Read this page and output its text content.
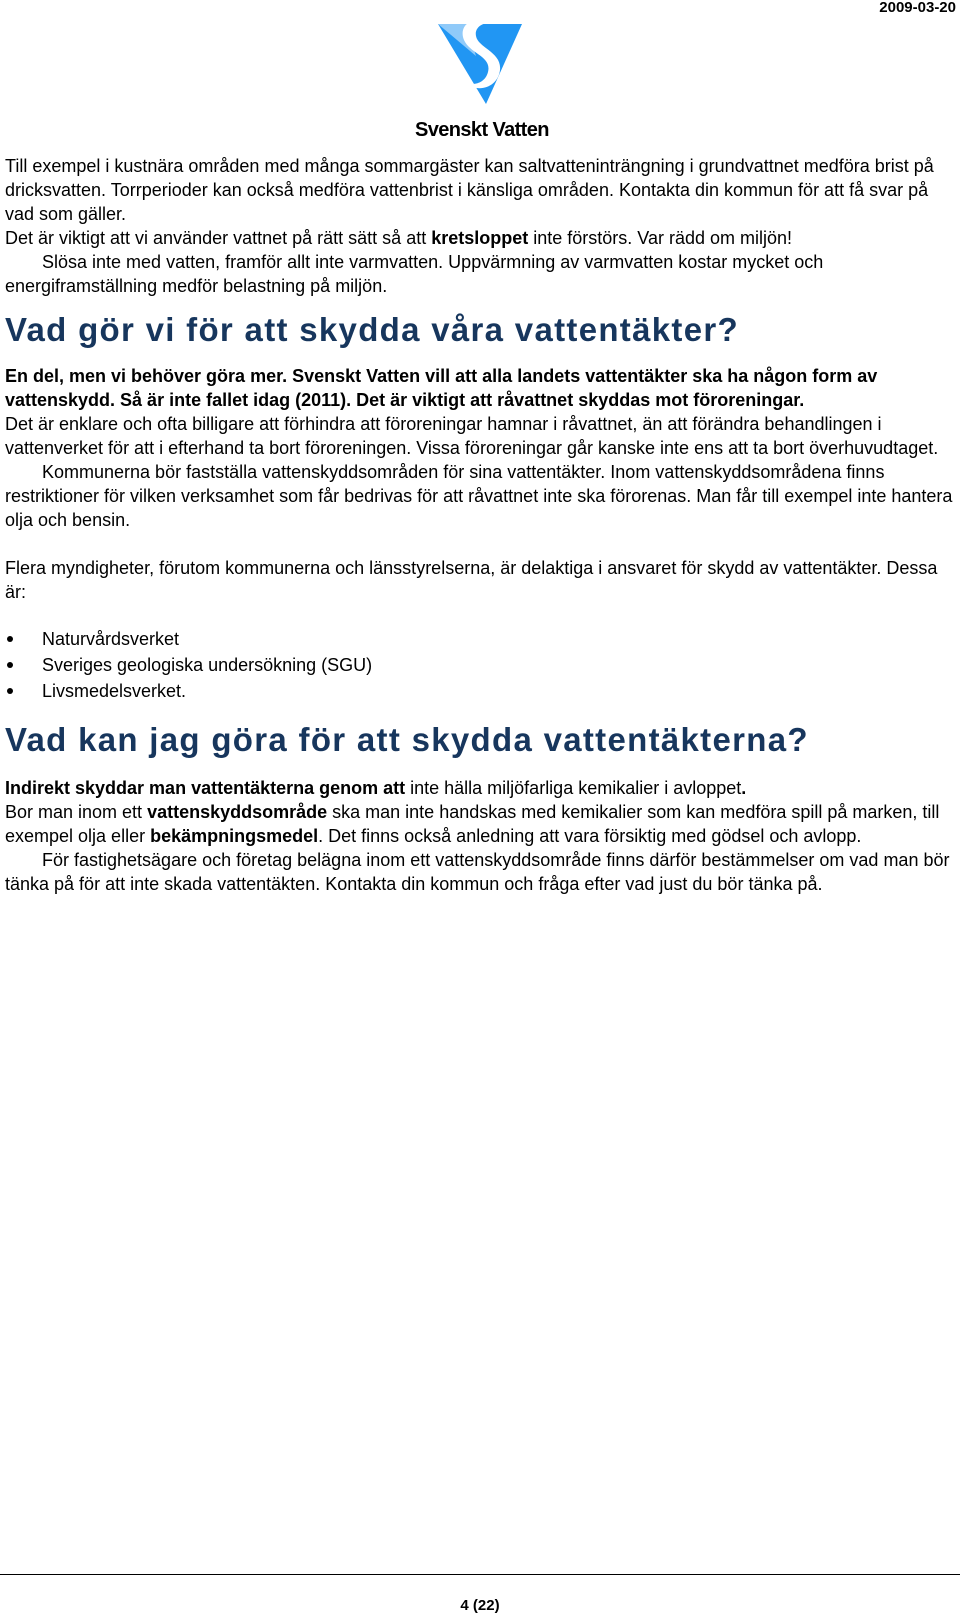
2009-03-20
Svenskt Vatten

Till exempel i kustnära områden med många sommargäster kan saltvatteninträngning i grundvattnet medföra brist på dricksvatten. Torrperioder kan också medföra vattenbrist i känsliga områden. Kontakta din kommun för att få svar på vad som gäller.
Det är viktigt att vi använder vattnet på rätt sätt så att kretsloppet inte förstörs. Var rädd om miljön!

Slösa inte med vatten, framför allt inte varmvatten. Uppvärmning av varmvatten kostar mycket och energiframställning medför belastning på miljön.

Vad gör vi för att skydda våra vattentäkter?

En del, men vi behöver göra mer. Svenskt Vatten vill att alla landets vattentäkter ska ha någon form av vattenskydd. Så är inte fallet idag (2011). Det är viktigt att råvattnet skyddas mot föroreningar.

Det är enklare och ofta billigare att förhindra att föroreningar hamnar i råvattnet, än att förändra behandlingen i vattenverket för att i efterhand ta bort föroreningen. Vissa föroreningar går kanske inte ens att ta bort överhuvudtaget.

Kommunerna bör fastställa vattenskyddsområden för sina vattentäkter. Inom vattenskyddsområdena finns restriktioner för vilken verksamhet som får bedrivas för att råvattnet inte ska förorenas. Man får till exempel inte hantera olja och bensin.

Flera myndigheter, förutom kommunerna och länsstyrelserna, är delaktiga i ansvaret för skydd av vattentäkter. Dessa är:

Naturvårdsverket
Sveriges geologiska undersökning (SGU)
Livsmedelsverket.
Vad kan jag göra för att skydda vattentäkterna?

Indirekt skyddar man vattentäkterna genom att inte hälla miljöfarliga kemikalier i avloppet.
Bor man inom ett vattenskyddsområde ska man inte handskas med kemikalier som kan medföra spill på marken, till exempel olja eller bekämpningsmedel. Det finns också anledning att vara försiktig med gödsel och avlopp.

För fastighetsägare och företag belägna inom ett vattenskyddsområde finns därför bestämmelser om vad man bör tänka på för att inte skada vattentäkten. Kontakta din kommun och fråga efter vad just du bör tänka på.

4 (22)
